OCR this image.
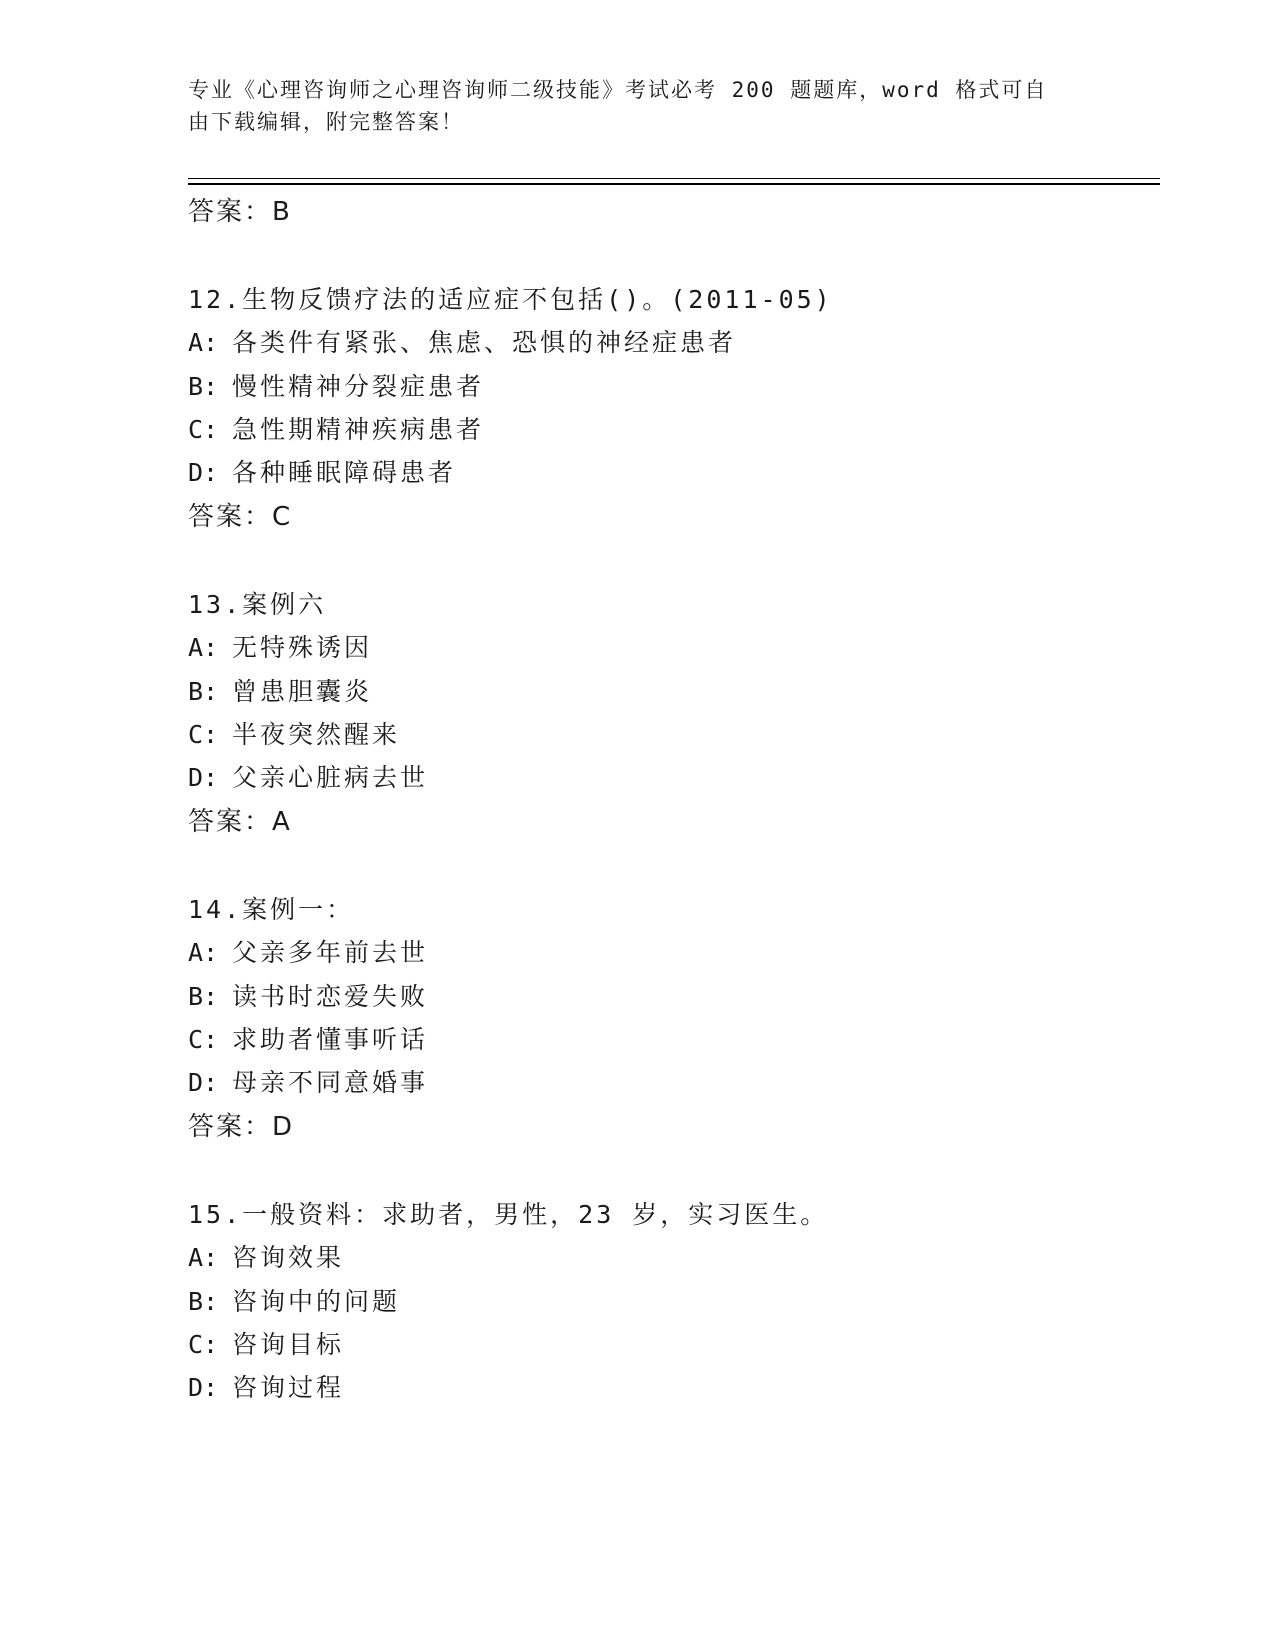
专业《心理咨询师之心理咨询师二级技能》考试必考 200 题题库，word 格式可自
由下载编辑，附完整答案！
答案：B
12.生物反馈疗法的适应症不包括()。(2011-05)
A: 各类件有紧张、焦虑、恐惧的神经症患者
B: 慢性精神分裂症患者
C: 急性期精神疾病患者
D: 各种睡眠障碍患者
答案：C
13.案例六
A: 无特殊诱因
B: 曾患胆囊炎
C: 半夜突然醒来
D: 父亲心脏病去世
答案：A
14.案例一：
A: 父亲多年前去世
B: 读书时恋爱失败
C: 求助者懂事听话
D: 母亲不同意婚事
答案：D
15.一般资料：求助者，男性，23 岁，实习医生。
A: 咨询效果
B: 咨询中的问题
C: 咨询目标
D: 咨询过程
